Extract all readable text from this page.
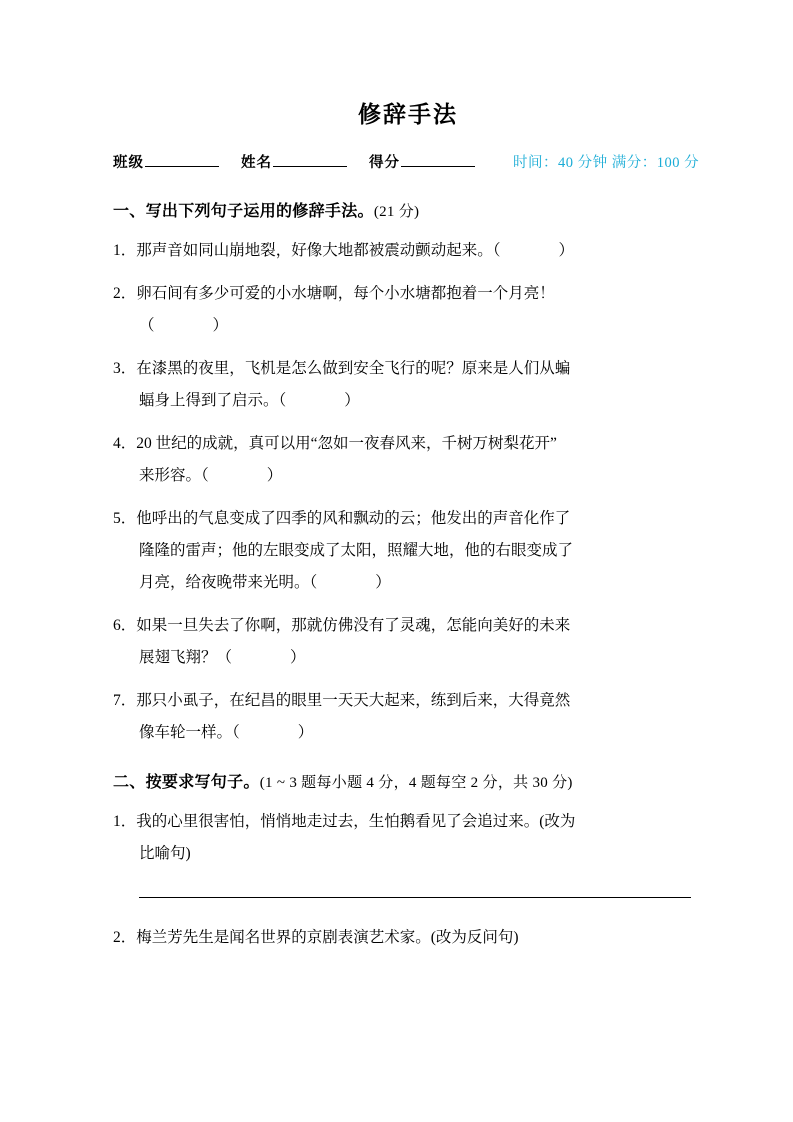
修辞手法
班级	姓名	得分	时间：40 分钟 满分：100 分
一、写出下列句子运用的修辞手法。(21 分)
1．那声音如同山崩地裂，好像大地都被震动颤动起来。（	）
2．卵石间有多少可爱的小水塘啊，每个小水塘都抱着一个月亮！
（	）
3．在漆黑的夜里，飞机是怎么做到安全飞行的呢？原来是人们从蝙
蝠身上得到了启示。（	）
4．20 世纪的成就，真可以用“忽如一夜春风来，千树万树梨花开”
来形容。（	）
5．他呼出的气息变成了四季的风和飘动的云；他发出的声音化作了
隆隆的雷声；他的左眼变成了太阳，照耀大地，他的右眼变成了
月亮，给夜晚带来光明。（	）
6．如果一旦失去了你啊，那就仿佛没有了灵魂，怎能向美好的未来
展翅飞翔？（	）
7．那只小虱子，在纪昌的眼里一天天大起来，练到后来，大得竟然
像车轮一样。（	）
二、按要求写句子。(1 ~ 3 题每小题 4 分，4 题每空 2 分，共 30 分)
1．我的心里很害怕，悄悄地走过去，生怕鹅看见了会追过来。(改为
比喻句)
2．梅兰芳先生是闻名世界的京剧表演艺术家。(改为反问句)
